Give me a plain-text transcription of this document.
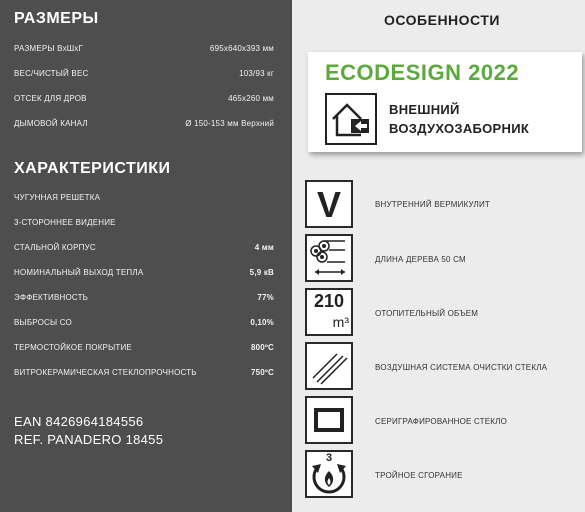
РАЗМЕРЫ
РАЗМЕРЫ ВхШхГ	695х640х393 мм
ВЕС/ЧИСТЫЙ ВЕС	103/93 кг
ОТСЕК ДЛЯ ДРОВ	465х260 мм
ДЫМОВОЙ КАНАЛ	Ø 150-153 мм Верхний
ХАРАКТЕРИСТИКИ
ЧУГУННАЯ РЕШЕТКА
3-СТОРОННЕЕ ВИДЕНИЕ
СТАЛЬНОЙ КОРПУС	4 мм
НОМИНАЛЬНЫЙ ВЫХОД ТЕПЛА	5,9 кВ
ЭФФЕКТИВНОСТЬ	77%
ВЫБРОСЫ СО	0,10%
ТЕРМОСТОЙКОЕ ПОКРЫТИЕ	800ºC
ВИТРОКЕРАМИЧЕСКАЯ СТЕКЛОПРОЧНОСТЬ	750ºC
EAN 8426964184556
REF. PANADERO 18455
ОСОБЕННОСТИ
ECODESIGN 2022
ВНЕШНИЙ
ВОЗДУХОЗАБОРНИК
V	ВНУТРЕННИЙ ВЕРМИКУЛИТ
ДЛИНА ДЕРЕВА 50 СМ
210
m³
ОТОПИТЕЛЬНЫЙ ОБЪЕМ
ВОЗДУШНАЯ СИСТЕМА ОЧИСТКИ СТЕКЛА
СЕРИГРАФИРОВАННОЕ СТЕКЛО
3
ТРОЙНОЕ СГОРАНИЕ
